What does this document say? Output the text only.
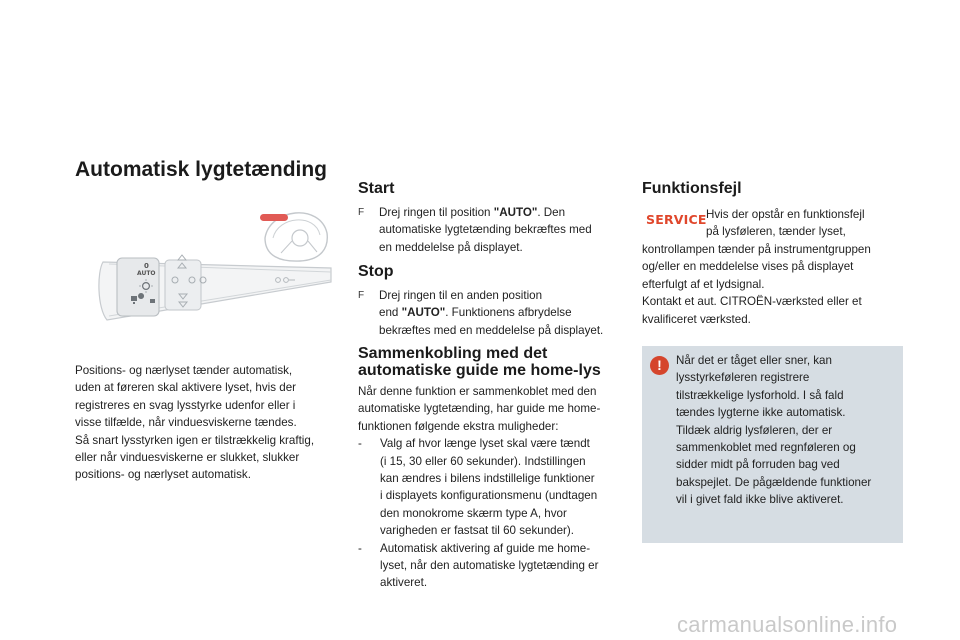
Automatisk lygtetænding
0
AUTO
Positions- og nærlyset tænder automatisk,
uden at føreren skal aktivere lyset, hvis der
registreres en svag lysstyrke udenfor eller i
visse tilfælde, når vinduesviskerne tændes.
Så snart lysstyrken igen er tilstrækkelig kraftig,
eller når vinduesviskerne er slukket, slukker
positions- og nærlyset automatisk.
Start
F	Drej ringen til position "AUTO". Den
automatiske lygtetænding bekræftes med
en meddelelse på displayet.
Stop
F	Drej ringen til en anden position
end "AUTO". Funktionens afbrydelse
bekræftes med en meddelelse på displayet.
Sammenkobling med det
automatiske guide me home-lys
Når denne funktion er sammenkoblet med den
automatiske lygtetænding, har guide me home-
funktionen følgende ekstra muligheder:
-	Valg af hvor længe lyset skal være tændt
(i 15, 30 eller 60 sekunder). Indstillingen
kan ændres i bilens indstillelige funktioner
i displayets konfigurationsmenu (undtagen
den monokrome skærm type A, hvor
varigheden er fastsat til 60 sekunder).
-	Automatisk aktivering af guide me home-
lyset, når den automatiske lygtetænding er
aktiveret.
Funktionsfejl
SERVICE Hvis der opstår en funktionsfejl
på lysføleren, tænder lyset,
kontrollampen tænder på instrumentgruppen
og/eller en meddelelse vises på displayet
efterfulgt af et lydsignal.
Kontakt et aut. CITROËN-værksted eller et
kvalificeret værksted.
!	Når det er tåget eller sner, kan
lysstyrkeføleren registrere
tilstrækkelige lysforhold. I så fald
tændes lygterne ikke automatisk.
Tildæk aldrig lysføleren, der er
sammenkoblet med regnføleren og
sidder midt på forruden bag ved
bakspejlet. De pågældende funktioner
vil i givet fald ikke blive aktiveret.
carmanualsonline.info
